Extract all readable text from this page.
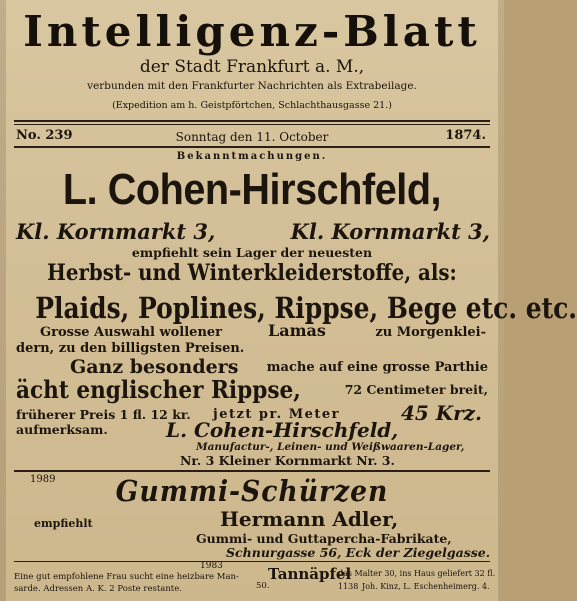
Intelligenz-Blatt
der Stadt Frankfurt a. M.,
verbunden mit den Frankfurter Nachrichten als Extrabeilage.
(Expedition am h. Geistpförtchen, Schlachthausgasse 21.)
No. 239	Sonntag den 11. October	1874.
Bekanntmachungen.
L. Cohen-Hirschfeld,
Kl. Kornmarkt 3,	Kl. Kornmarkt 3,
empfiehlt sein Lager der neuesten
Herbst- und Winterkleiderstoffe, als:
Plaids, Poplines, Rippse, Bege etc. etc.
Grosse Auswahl wollener	Lamas	zu Morgenklei-
dern, zu den billigsten Preisen.
Ganz besonders mache auf eine grosse Parthie
ächt englischer Rippse,	72 Centimeter breit,
früherer Preis 1 fl. 12 kr. jetzt pr. Meter	45 Krz.
aufmerksam.	L. Cohen-Hirschfeld,
Manufactur-, Leinen- und Weißwaaren-Lager,
Nr. 3 Kleiner Kornmarkt Nr. 3.
1989	Gummi-Schürzen
empfiehlt	Hermann Adler,
Gummi- und Guttapercha-Fabrikate,
Schnurgasse 56, Eck der Ziegelgasse.
1983
Eine gut empfohlene Frau sucht eine heizbare Man-
sarde. Adressen A. K. 2 Poste restante.	50.
Tannäpfel
das Malter 30, ins Haus geliefert 32 fl.
1138 Joh. Kinz, L. Eschenheimerg. 4.
